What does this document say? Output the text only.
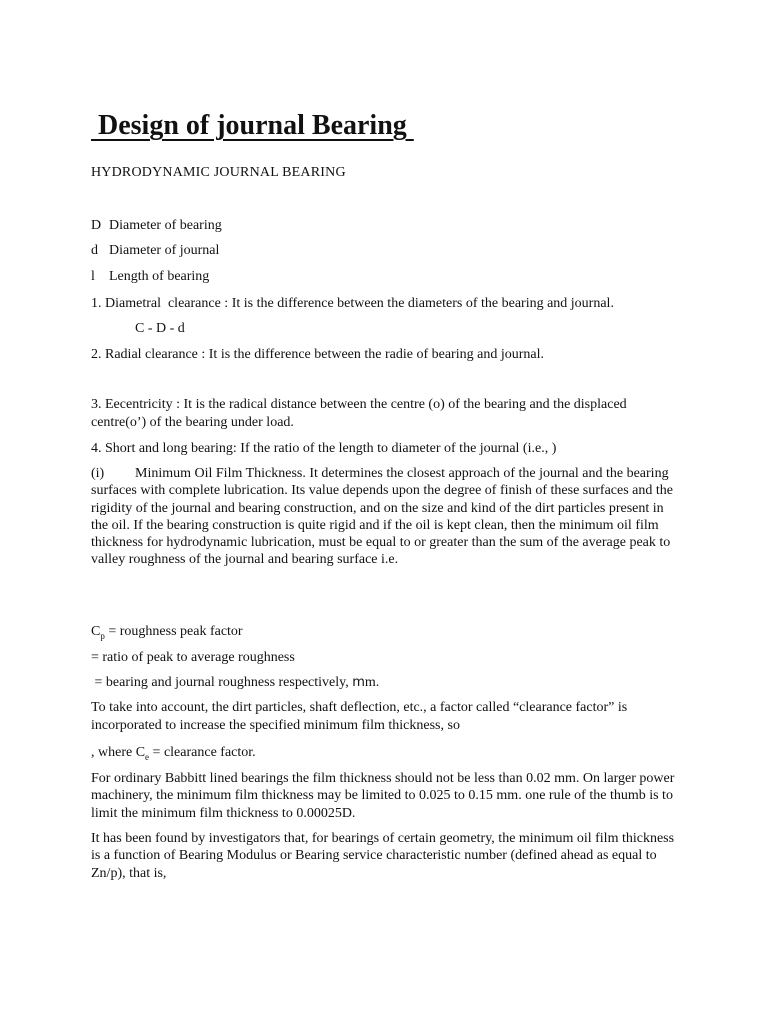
Design of journal Bearing
HYDRODYNAMIC JOURNAL BEARING
D Diameter of bearing
d Diameter of journal
l Length of bearing
1. Diametral  clearance : It is the difference between the diameters of the bearing and journal.
C - D - d
2. Radial clearance : It is the difference between the radie of bearing and journal.
3. Eecentricity : It is the radical distance between the centre (o) of the bearing and the displaced centre(o’) of the bearing under load.
4. Short and long bearing: If the ratio of the length to diameter of the journal (i.e., )
(i)	Minimum Oil Film Thickness. It determines the closest approach of the journal and the bearing surfaces with complete lubrication. Its value depends upon the degree of finish of these surfaces and the rigidity of the journal and bearing construction, and on the size and kind of the dirt particles present in the oil. If the bearing construction is quite rigid and if the oil is kept clean, then the minimum oil film thickness for hydrodynamic lubrication, must be equal to or greater than the sum of the average peak to valley roughness of the journal and bearing surface i.e.
$C_p$ = roughness peak factor
= ratio of peak to average roughness
= bearing and journal roughness respectively, mm.
To take into account, the dirt particles, shaft deflection, etc., a factor called “clearance factor” is incorporated to increase the specified minimum film thickness, so
, where $C_e$ = clearance factor.
For ordinary Babbitt lined bearings the film thickness should not be less than 0.02 mm. On larger power machinery, the minimum film thickness may be limited to 0.025 to 0.15 mm. one rule of the thumb is to limit the minimum film thickness to 0.00025D.
It has been found by investigators that, for bearings of certain geometry, the minimum oil film thickness is a function of Bearing Modulus or Bearing service characteristic number (defined ahead as equal to Zn/p), that is,
